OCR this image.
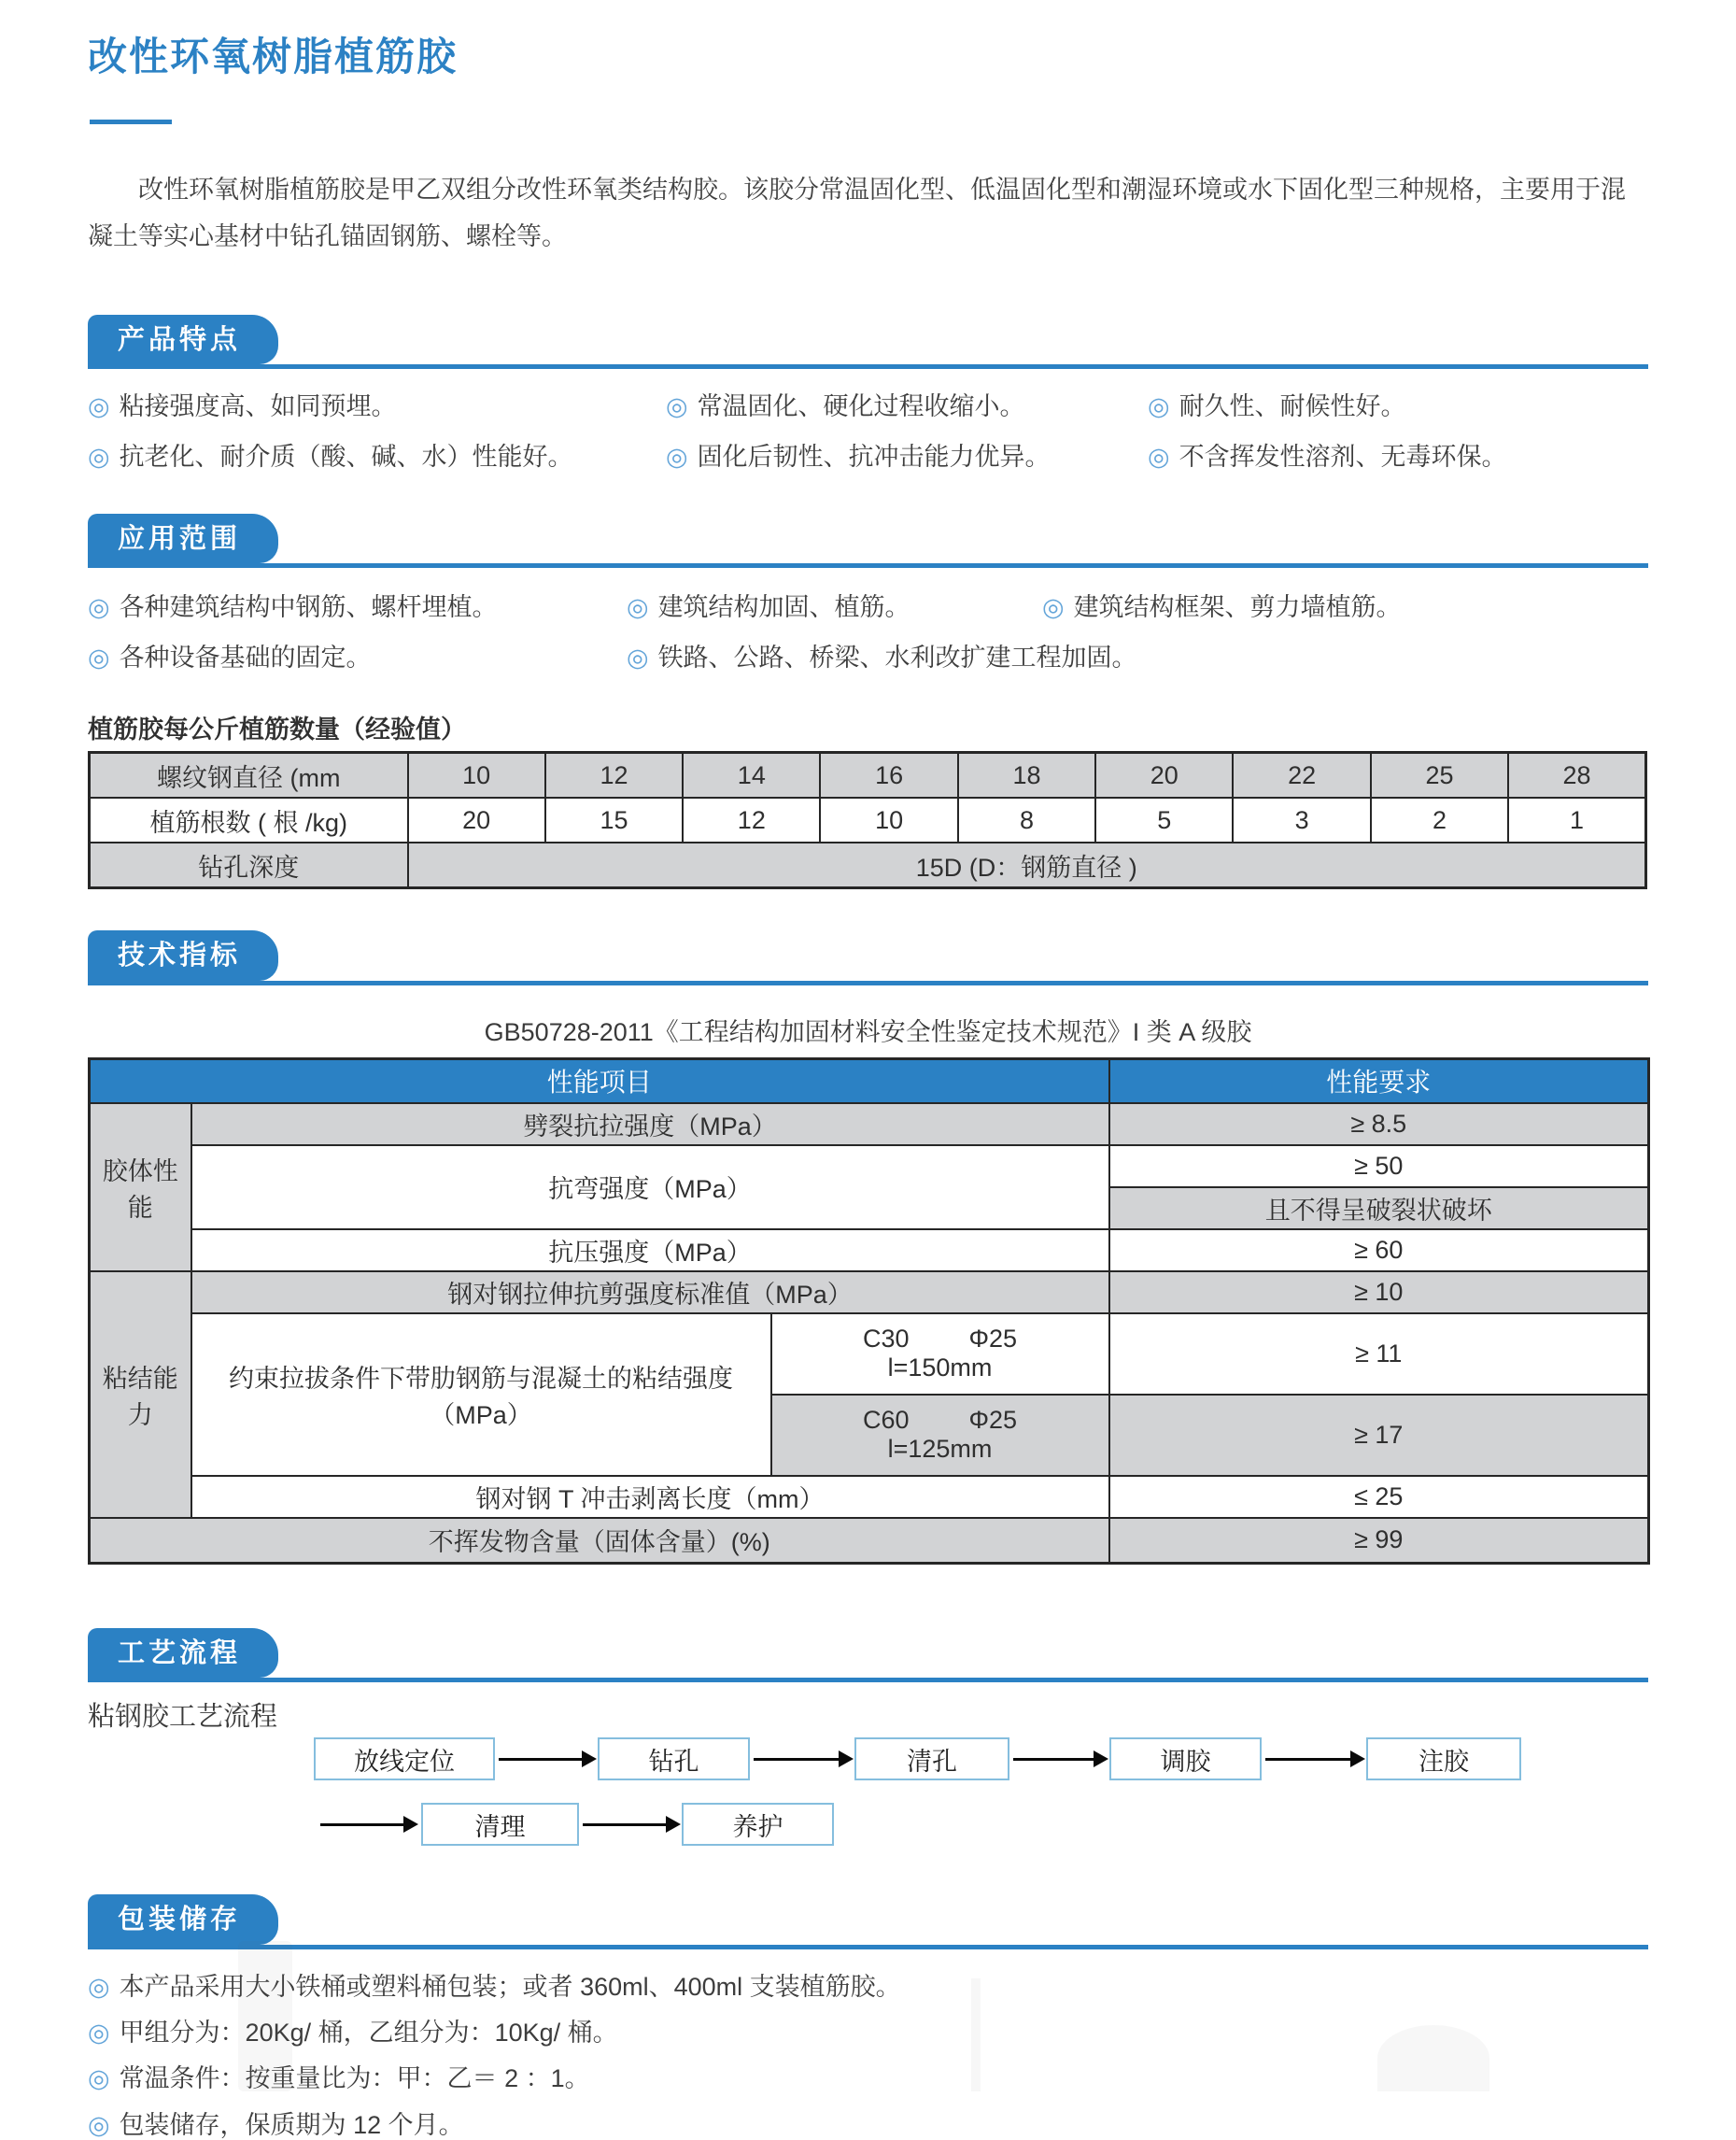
改性环氧树脂植筋胶

改性环氧树脂植筋胶是甲乙双组分改性环氧类结构胶。该胶分常温固化型、低温固化型和潮湿环境或水下固化型三种规格，主要用于混凝土等实心基材中钻孔锚固钢筋、螺栓等。

产品特点
◎ 粘接强度高、如同预埋。	◎ 常温固化、硬化过程收缩小。	◎ 耐久性、耐候性好。
◎ 抗老化、耐介质（酸、碱、水）性能好。	◎ 固化后韧性、抗冲击能力优异。	◎ 不含挥发性溶剂、无毒环保。
应用范围
◎ 各种建筑结构中钢筋、螺杆埋植。	◎ 建筑结构加固、植筋。	◎ 建筑结构框架、剪力墙植筋。
◎ 各种设备基础的固定。	◎ 铁路、公路、桥梁、水利改扩建工程加固。
植筋胶每公斤植筋数量（经验值）
螺纹钢直径 (mm	10	12	14	16	18	20	22	25	28
植筋根数 ( 根 /kg)	20	15	12	10	8	5	3	2	1
钻孔深度	15D (D：钢筋直径 )								
技术指标
GB50728-2011《工程结构加固材料安全性鉴定技术规范》I 类 A 级胶
性能项目			性能要求
胶体性能	劈裂抗拉强度（MPa）		≥ 8.5
	抗弯强度（MPa）		≥ 50
			且不得呈破裂状破坏
	抗压强度（MPa）		≥ 60
粘结能力	钢对钢拉伸抗剪强度标准值（MPa）		≥ 10
	约束拉拔条件下带肋钢筋与混凝土的粘结强度（MPa）	C30 Φ25
l=150mm	≥ 11

		C60 Φ25
l=125mm	≥ 17
	钢对钢 T 冲击剥离长度（mm）		≤ 25
不挥发物含量（固体含量）(%)			≥ 99
工艺流程
粘钢胶工艺流程
放线定位	钻孔	清孔	调胶	注胶
清理	养护
包装储存
◎ 本产品采用大小铁桶或塑料桶包装；或者 360ml、400ml 支装植筋胶。
◎ 甲组分为：20Kg/ 桶，乙组分为：10Kg/ 桶。
◎ 常温条件：按重量比为：甲：乙＝ 2 ：1。
◎ 包装储存，保质期为 12 个月。
